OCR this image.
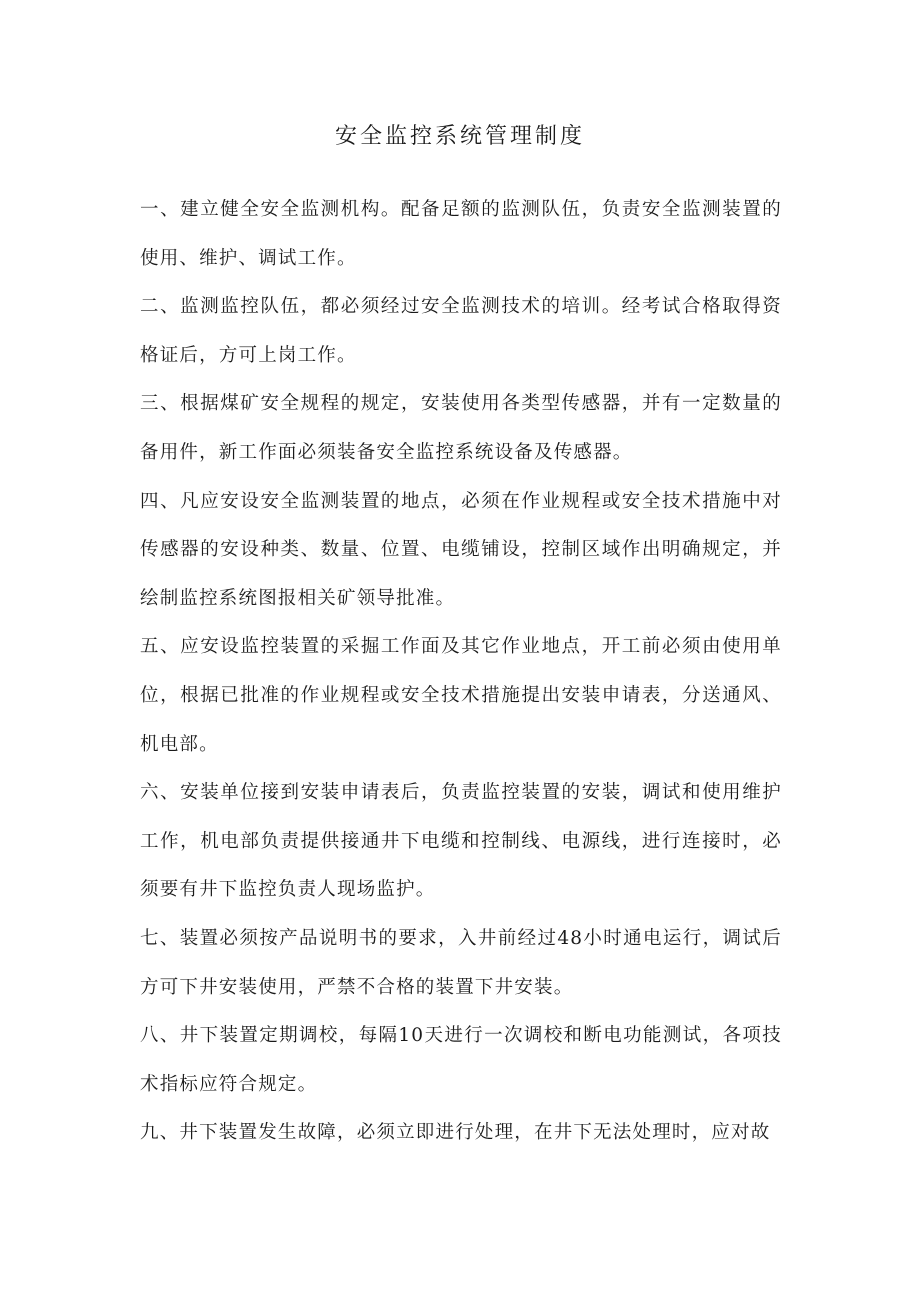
安全监控系统管理制度

一、建立健全安全监测机构。配备足额的监测队伍，负责安全监测装置的使用、维护、调试工作。

二、监测监控队伍，都必须经过安全监测技术的培训。经考试合格取得资格证后，方可上岗工作。

三、根据煤矿安全规程的规定，安装使用各类型传感器，并有一定数量的备用件，新工作面必须装备安全监控系统设备及传感器。

四、凡应安设安全监测装置的地点，必须在作业规程或安全技术措施中对传感器的安设种类、数量、位置、电缆铺设，控制区域作出明确规定，并绘制监控系统图报相关矿领导批准。

五、应安设监控装置的采掘工作面及其它作业地点，开工前必须由使用单位，根据已批准的作业规程或安全技术措施提出安装申请表，分送通风、机电部。

六、安装单位接到安装申请表后，负责监控装置的安装，调试和使用维护工作，机电部负责提供接通井下电缆和控制线、电源线，进行连接时，必须要有井下监控负责人现场监护。

七、装置必须按产品说明书的要求，入井前经过48小时通电运行，调试后方可下井安装使用，严禁不合格的装置下井安装。

八、井下装置定期调校，每隔10天进行一次调校和断电功能测试，各项技术指标应符合规定。

九、井下装置发生故障，必须立即进行处理，在井下无法处理时，应对故
